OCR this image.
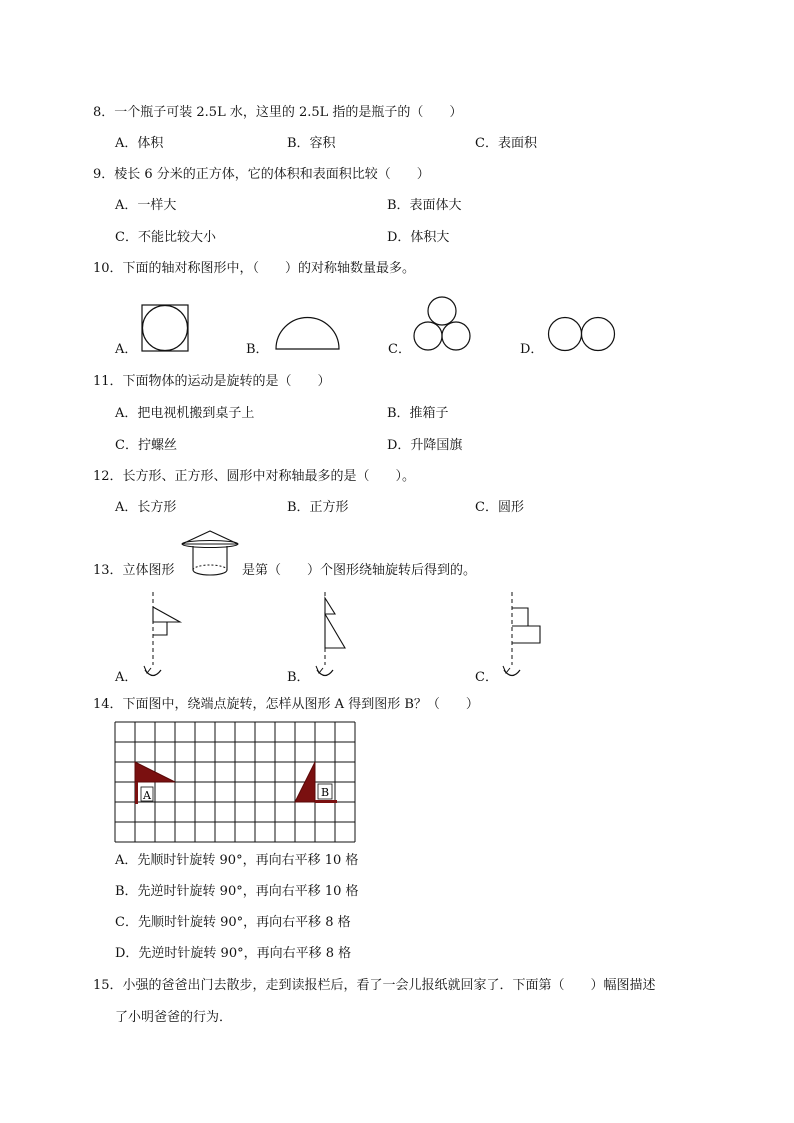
8．一个瓶子可装 2.5L 水，这里的 2.5L 指的是瓶子的（　　）
A．体积	B．容积	C．表面积
9．棱长 6 分米的正方体，它的体积和表面积比较（　　）
A．一样大	B．表面体大
C．不能比较大小	D．体积大
10．下面的轴对称图形中，（　　）的对称轴数量最多。
A．	B．	C．	D．
11．下面物体的运动是旋转的是（　　）
A．把电视机搬到桌子上	B．推箱子
C．拧螺丝	D．升降国旗
12．长方形、正方形、圆形中对称轴最多的是（　　）。
A．长方形	B．正方形	C．圆形
13．立体图形	是第（　　）个图形绕轴旋转后得到的。
A．	B．	C．
14．下面图中，绕端点旋转，怎样从图形 A 得到图形 B？（　　）
A	B
A．先顺时针旋转 90°，再向右平移 10 格
B．先逆时针旋转 90°，再向右平移 10 格
C．先顺时针旋转 90°，再向右平移 8 格
D．先逆时针旋转 90°，再向右平移 8 格
15．小强的爸爸出门去散步，走到读报栏后，看了一会儿报纸就回家了．下面第（　　）幅图描述
了小明爸爸的行为．
